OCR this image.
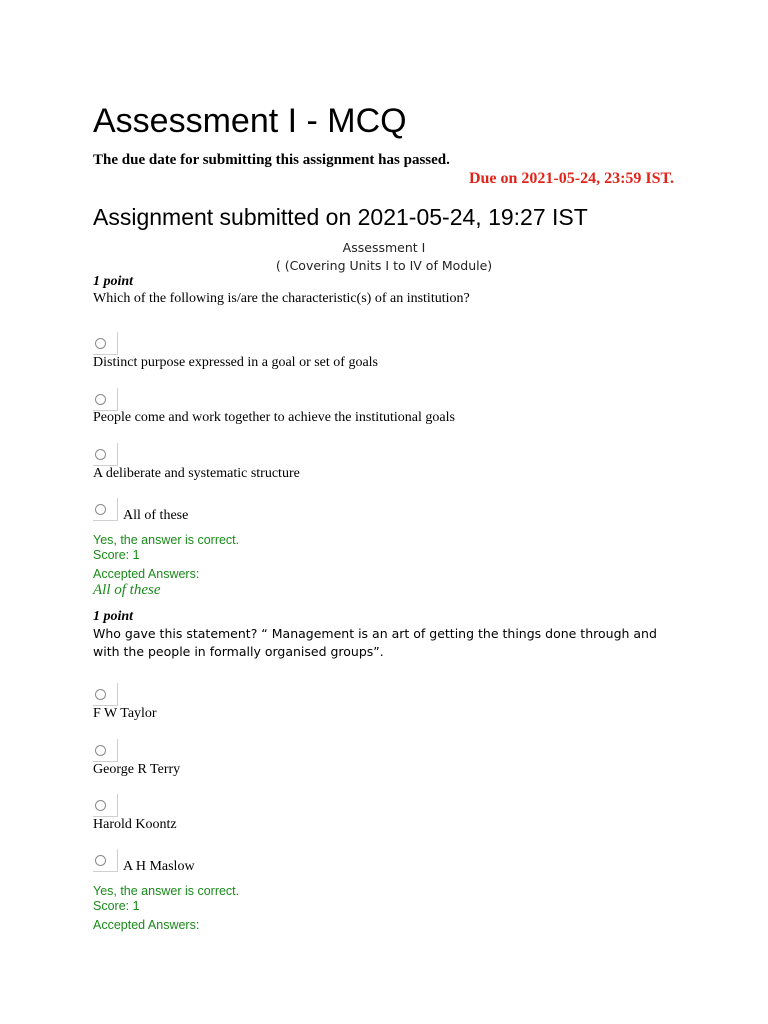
Assessment I - MCQ
The due date for submitting this assignment has passed.
Due on 2021-05-24, 23:59 IST.
Assignment submitted on 2021-05-24, 19:27 IST
Assessment I
( (Covering Units I to IV of Module)
1 point
Which of the following is/are the characteristic(s) of an institution?
Distinct purpose expressed in a goal or set of goals
People come and work together to achieve the institutional goals
A deliberate and systematic structure
All of these
Yes, the answer is correct.
Score: 1
Accepted Answers:
All of these
1 point
Who gave this statement? “ Management is an art of getting the things done through and with the people in formally organised groups”.
F W Taylor
George R Terry
Harold Koontz
A H Maslow
Yes, the answer is correct.
Score: 1
Accepted Answers:
